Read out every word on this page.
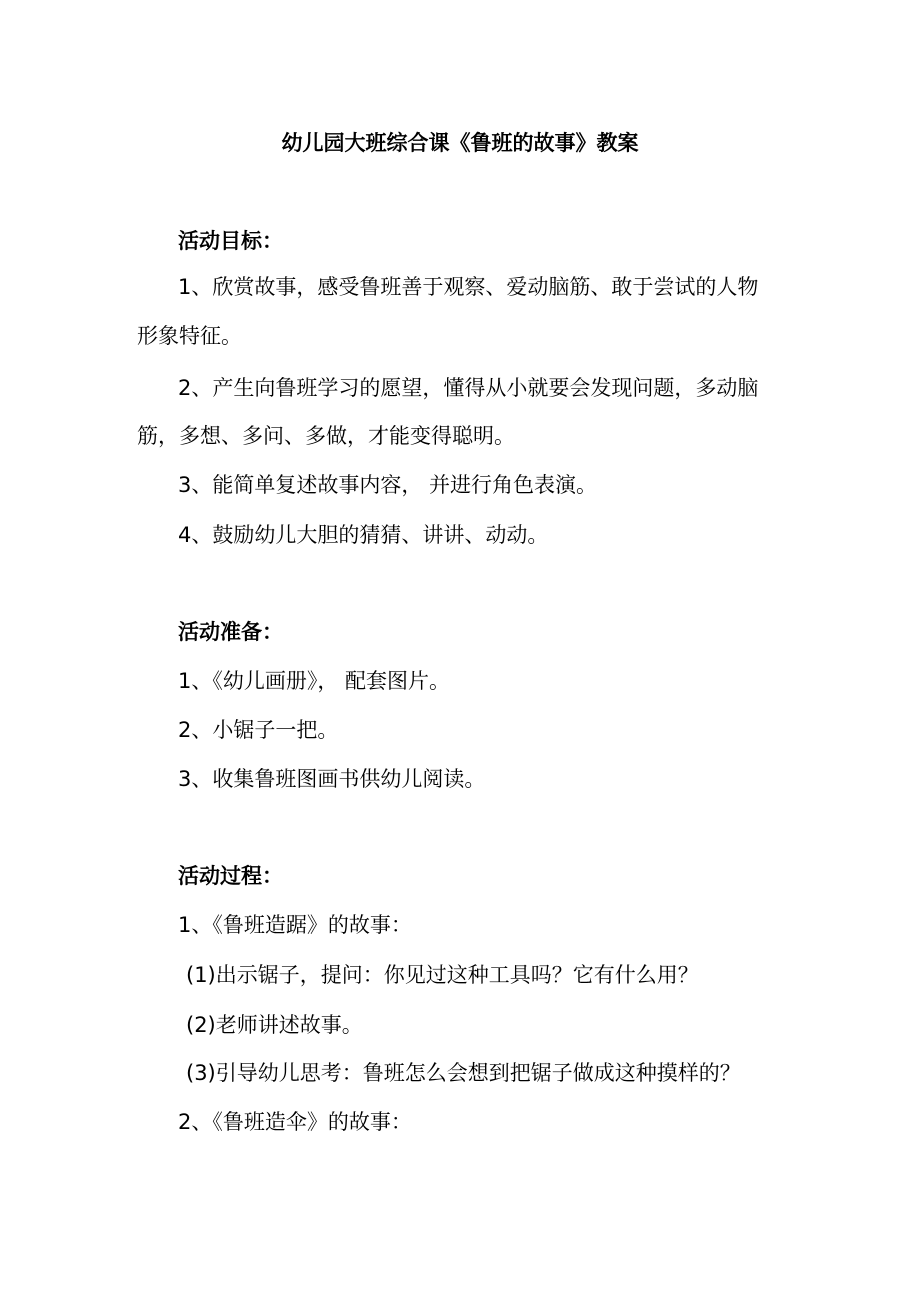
幼儿园大班综合课《鲁班的故事》教案
活动目标：
1、欣赏故事，感受鲁班善于观察、爱动脑筋、敢于尝试的人物
形象特征。
2、产生向鲁班学习的愿望，懂得从小就要会发现问题，多动脑
筋，多想、多问、多做，才能变得聪明。
3、能简单复述故事内容， 并进行角色表演。
4、鼓励幼儿大胆的猜猜、讲讲、动动。
活动准备：
1、《幼儿画册》， 配套图片。
2、小锯子一把。
3、收集鲁班图画书供幼儿阅读。
活动过程：
1、《鲁班造踞》的故事：
(1)出示锯子，提问：你见过这种工具吗？它有什么用？
(2)老师讲述故事。
(3)引导幼儿思考：鲁班怎么会想到把锯子做成这种摸样的？
2、《鲁班造伞》的故事：
